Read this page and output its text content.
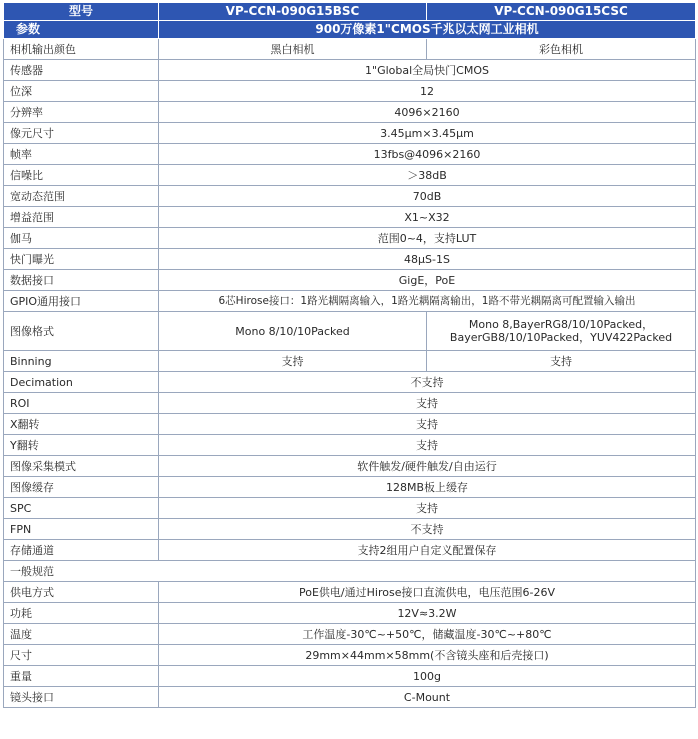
型号	VP-CCN-090G15BSC	VP-CCN-090G15CSC
参数	900万像素1"CMOS千兆以太网工业相机	
相机输出颜色	黑白相机	彩色相机
传感器	1"Global全局快门CMOS	
位深	12	
分辨率	4096×2160	
像元尺寸	3.45μm×3.45μm	
帧率	13fbs@4096×2160	
信噪比	＞38dB	
宽动态范围	70dB	
增益范围	X1~X32	
伽马	范围0~4，支持LUT	
快门曝光	48μS-1S	
数据接口	GigE，PoE	
GPIO通用接口	6芯Hirose接口：1路光耦隔离输入，1路光耦隔离输出，1路不带光耦隔离可配置输入输出	
图像格式	Mono 8/10/10Packed	Mono 8,BayerRG8/10/10Packed，
BayerGB8/10/10Packed，YUV422Packed

Binning	支持	支持
Decimation	不支持	
ROI	支持	
X翻转	支持	
Y翻转	支持	
图像采集模式	软件触发/硬件触发/自由运行	
图像缓存	128MB板上缓存	
SPC	支持	
FPN	不支持	
存储通道	支持2组用户自定义配置保存	
一般规范		
供电方式	PoE供电/通过Hirose接口直流供电，电压范围6-26V	
功耗	12V≈3.2W	
温度	工作温度-30℃~+50℃，储藏温度-30℃~+80℃	
尺寸	29mm×44mm×58mm(不含镜头座和后壳接口)	
重量	100g	
镜头接口	C-Mount	
